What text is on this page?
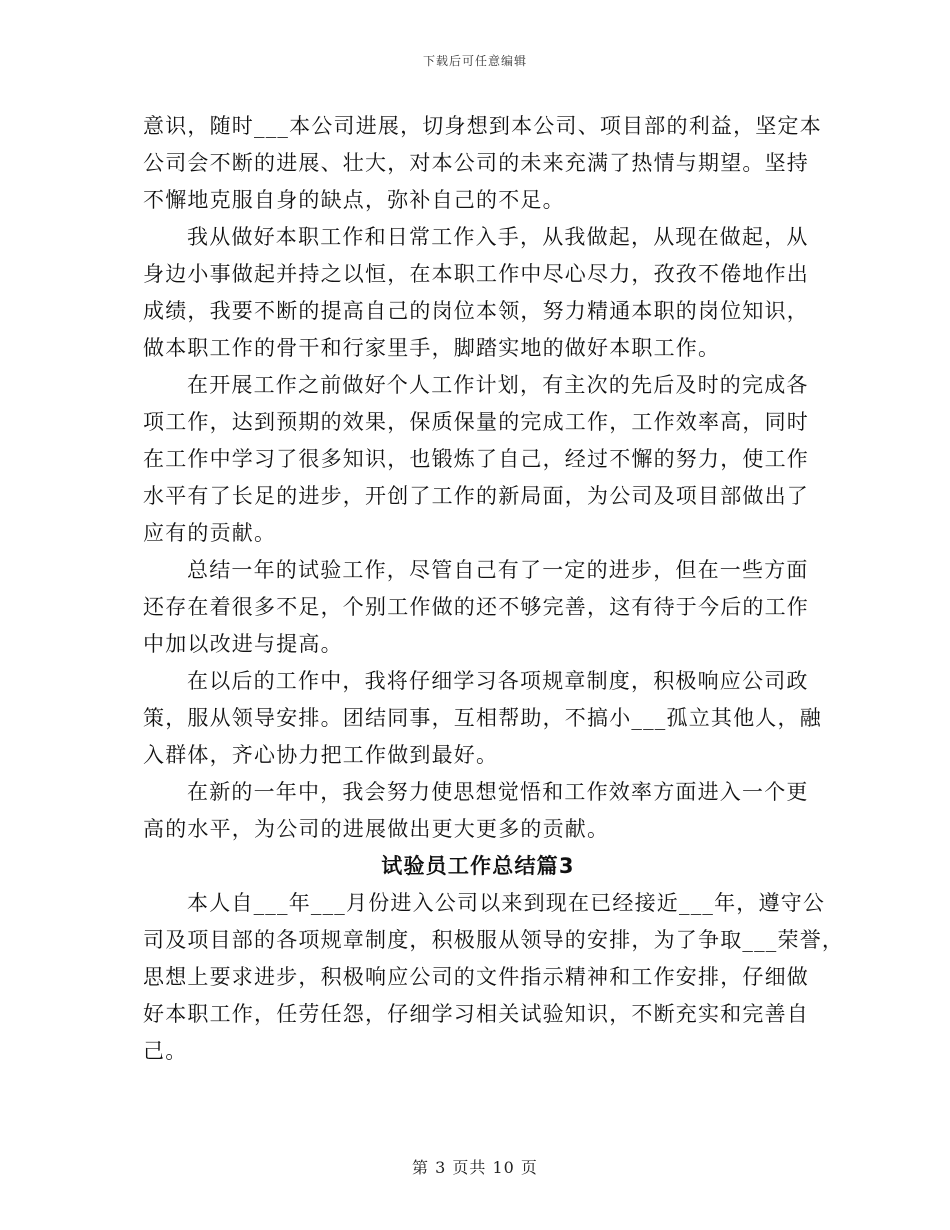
下载后可任意编辑

意识，随时___本公司进展，切身想到本公司、项目部的利益，坚定本
公司会不断的进展、壮大，对本公司的未来充满了热情与期望。坚持
不懈地克服自身的缺点，弥补自己的不足。

我从做好本职工作和日常工作入手，从我做起，从现在做起，从
身边小事做起并持之以恒，在本职工作中尽心尽力，孜孜不倦地作出
成绩，我要不断的提高自己的岗位本领，努力精通本职的岗位知识，
做本职工作的骨干和行家里手，脚踏实地的做好本职工作。

在开展工作之前做好个人工作计划，有主次的先后及时的完成各
项工作，达到预期的效果，保质保量的完成工作，工作效率高，同时
在工作中学习了很多知识，也锻炼了自己，经过不懈的努力，使工作
水平有了长足的进步，开创了工作的新局面，为公司及项目部做出了
应有的贡献。

总结一年的试验工作，尽管自己有了一定的进步，但在一些方面
还存在着很多不足，个别工作做的还不够完善，这有待于今后的工作
中加以改进与提高。

在以后的工作中，我将仔细学习各项规章制度，积极响应公司政
策，服从领导安排。团结同事，互相帮助，不搞小___孤立其他人，融
入群体，齐心协力把工作做到最好。

在新的一年中，我会努力使思想觉悟和工作效率方面进入一个更
高的水平，为公司的进展做出更大更多的贡献。

试验员工作总结篇3

本人自___年___月份进入公司以来到现在已经接近___年，遵守公
司及项目部的各项规章制度，积极服从领导的安排，为了争取___荣誉，
思想上要求进步，积极响应公司的文件指示精神和工作安排，仔细做
好本职工作，任劳任怨，仔细学习相关试验知识，不断充实和完善自
己。

第 3 页共 10 页
